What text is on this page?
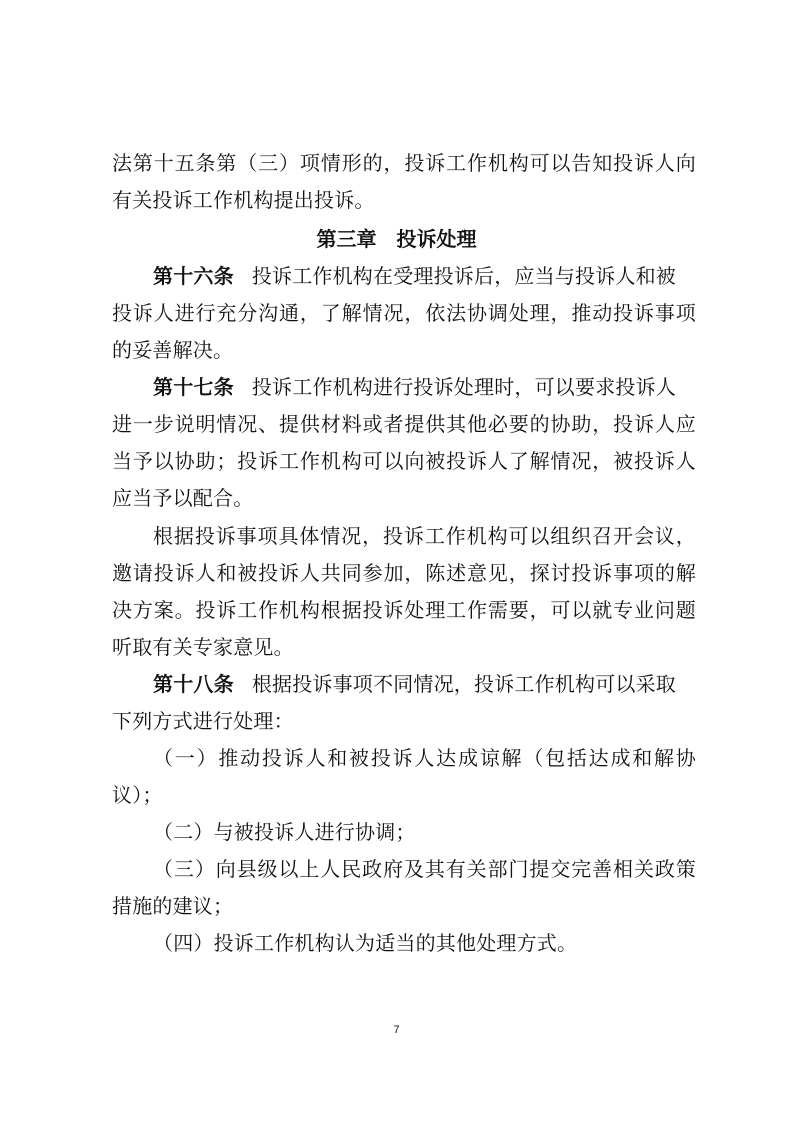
法第十五条第（三）项情形的，投诉工作机构可以告知投诉人向
有关投诉工作机构提出投诉。
第三章　投诉处理
第十六条 投诉工作机构在受理投诉后，应当与投诉人和被
投诉人进行充分沟通，了解情况，依法协调处理，推动投诉事项
的妥善解决。
第十七条 投诉工作机构进行投诉处理时，可以要求投诉人
进一步说明情况、提供材料或者提供其他必要的协助，投诉人应
当予以协助；投诉工作机构可以向被投诉人了解情况，被投诉人
应当予以配合。
根据投诉事项具体情况，投诉工作机构可以组织召开会议，
邀请投诉人和被投诉人共同参加，陈述意见，探讨投诉事项的解
决方案。投诉工作机构根据投诉处理工作需要，可以就专业问题
听取有关专家意见。
第十八条 根据投诉事项不同情况，投诉工作机构可以采取
下列方式进行处理：
（一）推动投诉人和被投诉人达成谅解（包括达成和解协
议）；
（二）与被投诉人进行协调；
（三）向县级以上人民政府及其有关部门提交完善相关政策
措施的建议；
（四）投诉工作机构认为适当的其他处理方式。
7
